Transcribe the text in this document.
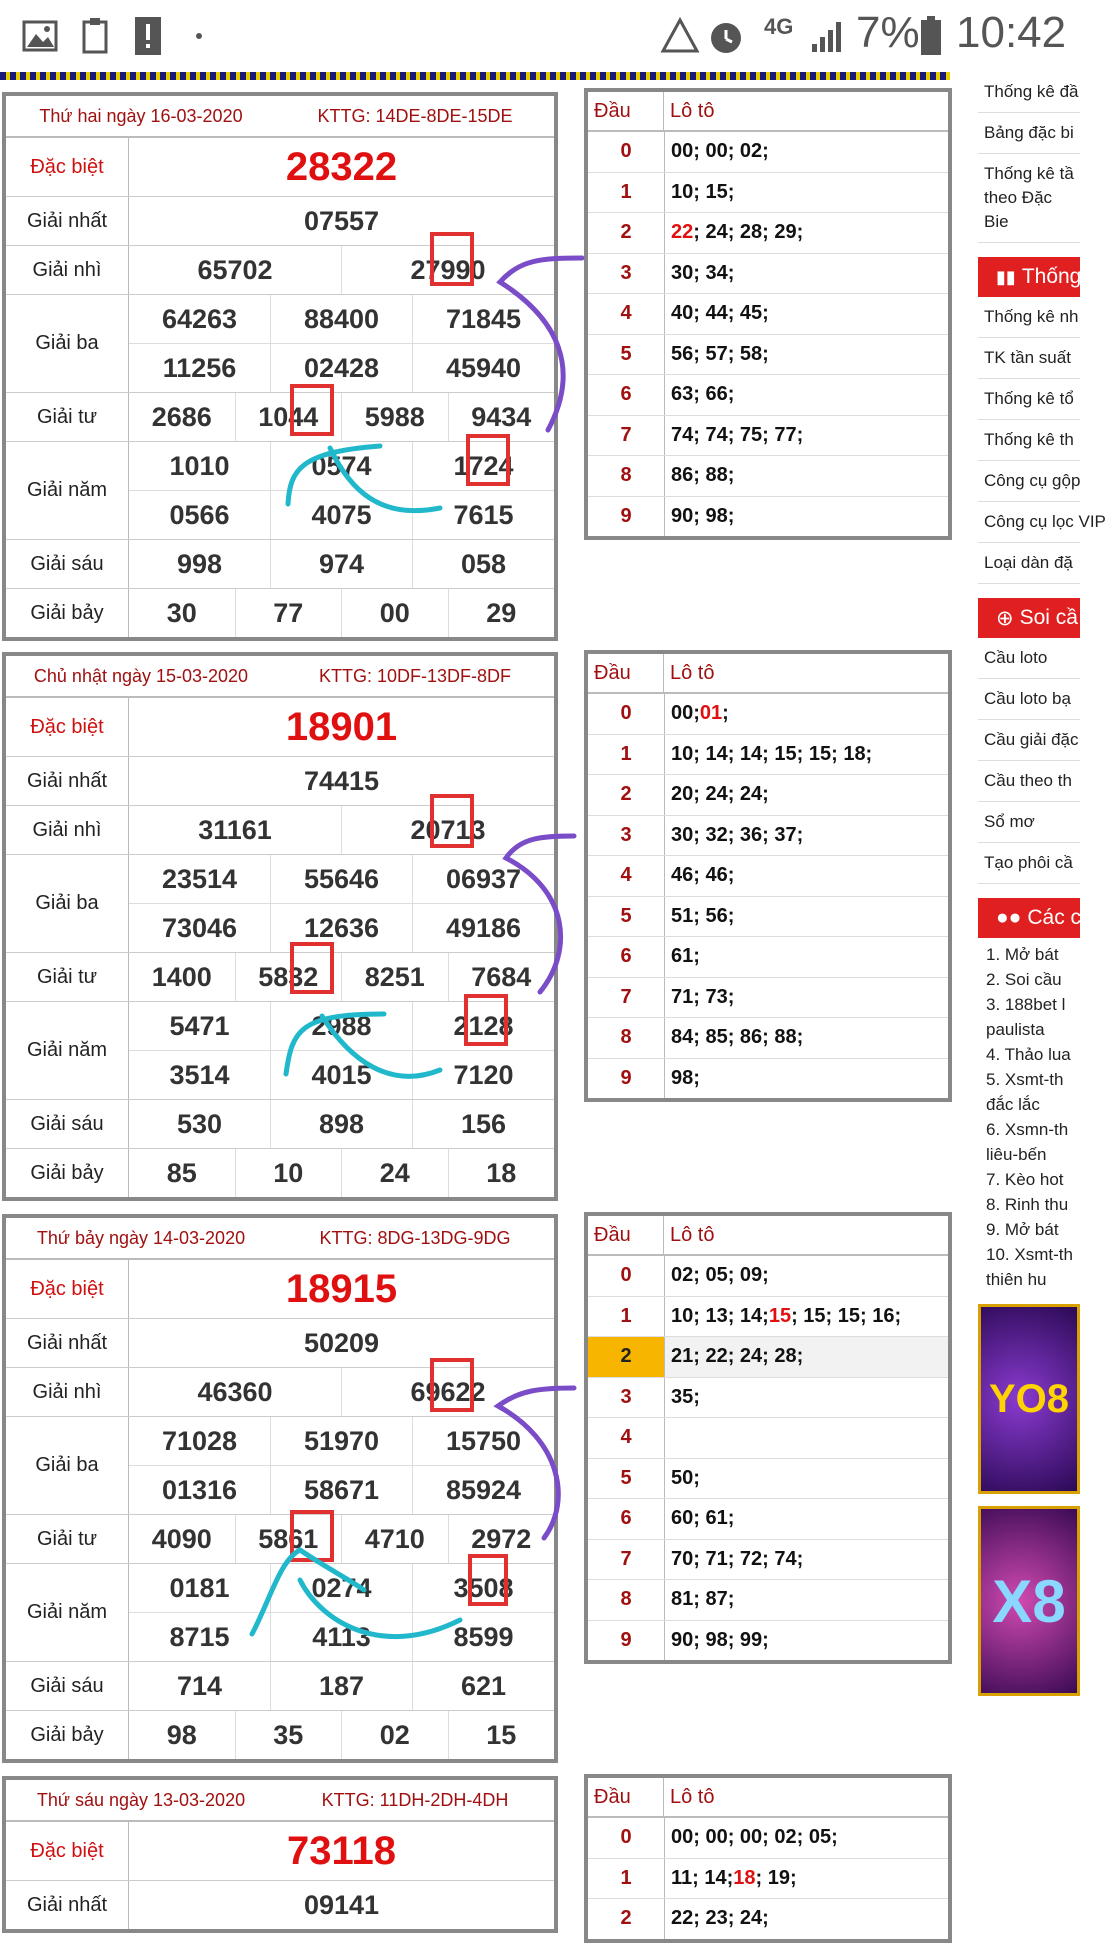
4G 7% 10:42
Thứ hai ngày 16-03-2020	KTTG: 14DE-8DE-15DE
Đặc biệt	28322
Giải nhất	07557
Giải nhì	65702	27990
Giải ba
64263	88400	71845
11256	02428	45940
Giải tư	2686	1044	5988	9434
Giải năm
1010	0574	1724
0566	4075	7615
Giải sáu	998	974	058
Giải bảy	30	77	00	29
Chủ nhật ngày 15-03-2020	KTTG: 10DF-13DF-8DF
Đặc biệt	18901
Giải nhất	74415
Giải nhì	31161	20713
Giải ba
23514	55646	06937
73046	12636	49186
Giải tư	1400	5832	8251	7684
Giải năm
5471	2988	2128
3514	4015	7120
Giải sáu	530	898	156
Giải bảy	85	10	24	18
Thứ bảy ngày 14-03-2020	KTTG: 8DG-13DG-9DG
Đặc biệt	18915
Giải nhất	50209
Giải nhì	46360	69622
Giải ba
71028	51970	15750
01316	58671	85924
Giải tư	4090	5861	4710	2972
Giải năm
0181	0274	3508
8715	4113	8599
Giải sáu	714	187	621
Giải bảy	98	35	02	15
Thứ sáu ngày 13-03-2020	KTTG: 11DH-2DH-4DH
Đặc biệt	73118
Giải nhất	09141
Đầu	Lô tô
0	00; 00; 02;
1	10; 15;
2	22 ; 24; 28; 29;
3	30; 34;
4	40; 44; 45;
5	56; 57; 58;
6	63; 66;
7	74; 74; 75; 77;
8	86; 88;
9	90; 98;
Đầu	Lô tô
0	00; 01 ;
1	10; 14; 14; 15; 15; 18;
2	20; 24; 24;
3	30; 32; 36; 37;
4	46; 46;
5	51; 56;
6	61;
7	71; 73;
8	84; 85; 86; 88;
9	98;
Đầu	Lô tô
0	02; 05; 09;
1	10; 13; 14; 15 ; 15; 15; 16;
2	21; 22; 24; 28;
3	35;
4
5	50;
6	60; 61;
7	70; 71; 72; 74;
8	81; 87;
9	90; 98; 99;
Đầu	Lô tô
0	00; 00; 00; 02; 05;
1	11; 14; 18 ; 19;
2	22; 23; 24;
Thống kê đầ
Bảng đặc bi
Thống kê tầ theo Đặc Bie
▮▮ Thống
Thống kê nh
TK tần suất
Thống kê tổ
Thống kê th
Công cụ gộp
Công cụ lọc VIP
Loại dàn đặ
⊕ Soi cầ
Cầu loto
Cầu loto bạ
Cầu giải đặc
Cầu theo th
Sổ mơ
Tạo phôi cầ
●● Các ch
1. Mở bát
2. Soi cầu
3. 188bet l
paulista
4. Thảo lua
5. Xsmt-th
đắc lắc
6. Xsmn-th
liêu-bến
7. Kèo hot
8. Rinh thu
9. Mở bát
10. Xsmt-th
thiên hu
YO8
X8
